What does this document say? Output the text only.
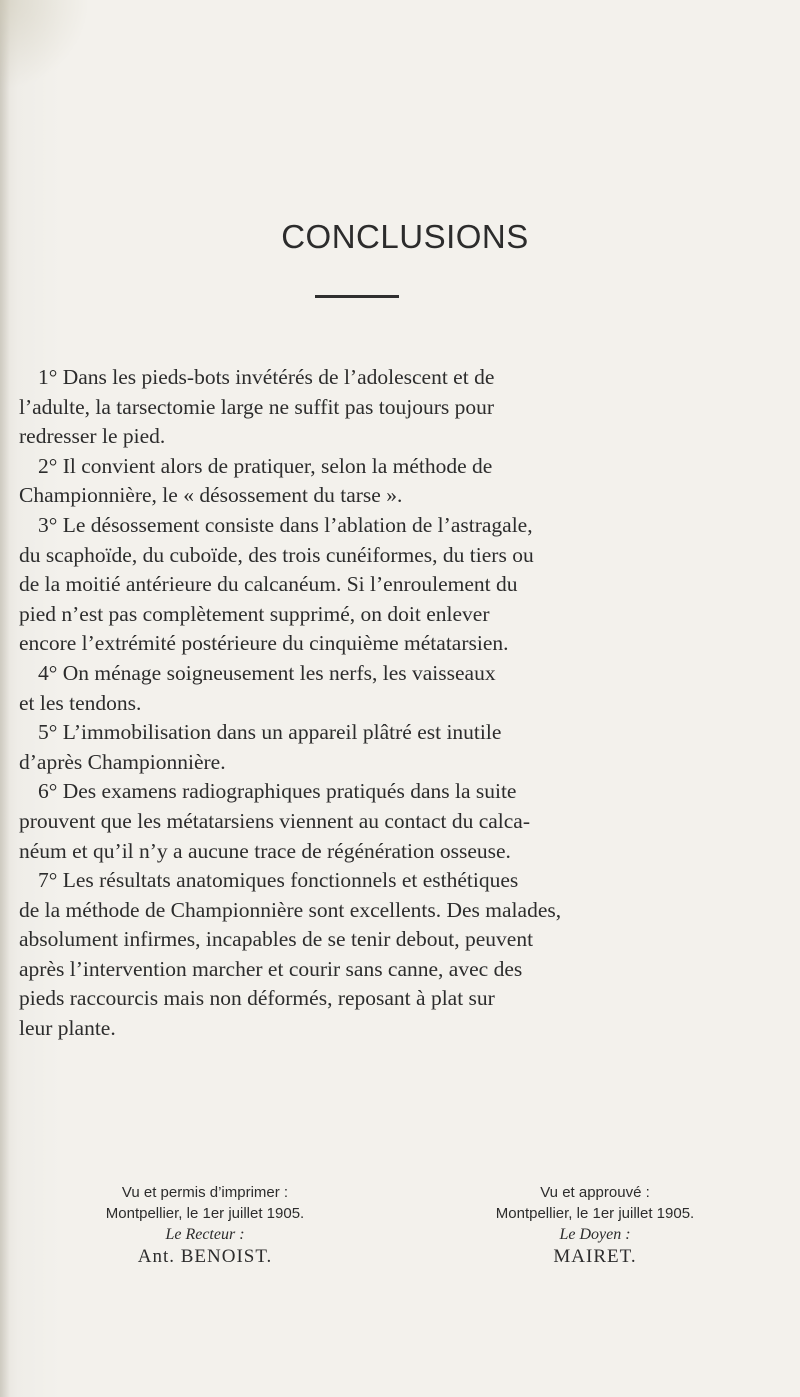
CONCLUSIONS
1° Dans les pieds-bots invétérés de l’adolescent et de
l’adulte, la tarsectomie large ne suffit pas toujours pour
redresser le pied.
2° Il convient alors de pratiquer, selon la méthode de
Championnière, le « désossement du tarse ».
3° Le désossement consiste dans l’ablation de l’astragale,
du scaphoïde, du cuboïde, des trois cunéiformes, du tiers ou
de la moitié antérieure du calcanéum. Si l’enroulement du
pied n’est pas complètement supprimé, on doit enlever
encore l’extrémité postérieure du cinquième métatarsien.
4° On ménage soigneusement les nerfs, les vaisseaux
et les tendons.
5° L’immobilisation dans un appareil plâtré est inutile
d’après Championnière.
6° Des examens radiographiques pratiqués dans la suite
prouvent que les métatarsiens viennent au contact du calca-
néum et qu’il n’y a aucune trace de régénération osseuse.
7° Les résultats anatomiques fonctionnels et esthétiques
de la méthode de Championnière sont excellents. Des malades,
absolument infirmes, incapables de se tenir debout, peuvent
après l’intervention marcher et courir sans canne, avec des
pieds raccourcis mais non déformés, reposant à plat sur
leur plante.
Vu et permis d’imprimer :
Montpellier, le 1er juillet 1905.
Le Recteur :
Ant. BENOIST.
Vu et approuvé :
Montpellier, le 1er juillet 1905.
Le Doyen :
MAIRET.
